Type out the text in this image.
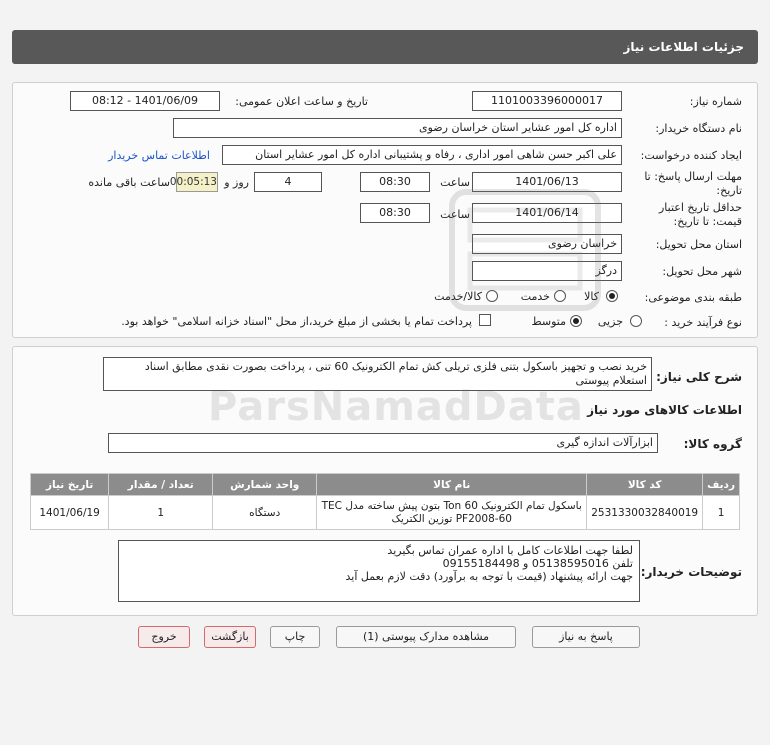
جزئیات اطلاعات نیاز
شماره نیاز:
1101003396000017
تاریخ و ساعت اعلان عمومی:
1401/06/09 - 08:12
نام دستگاه خریدار:
اداره کل امور عشایر استان خراسان رضوی
ایجاد کننده درخواست:
علی اکبر حسن شاهی امور اداری ، رفاه و پشتیبانی اداره کل امور عشایر استان
اطلاعات تماس خریدار
مهلت ارسال پاسخ: تا
تاریخ:
1401/06/13
ساعت
08:30
4
روز و
00:05:13
ساعت باقی مانده
حداقل تاریخ اعتبار
قیمت: تا تاریخ:
1401/06/14
ساعت
08:30
استان محل تحویل:
خراسان رضوی
شهر محل تحویل:
درگز
طبقه بندی موضوعی:
کالا
خدمت
کالا/خدمت
نوع فرآیند خرید :
جزیی
متوسط
پرداخت تمام یا بخشی از مبلغ خرید،از محل "اسناد خزانه اسلامی" خواهد بود.
شرح کلی نیاز:
خرید نصب و تجهیز باسکول بتنی فلزی تریلی کش تمام الکترونیک 60 تنی ، پرداخت بصورت نقدی مطابق اسناد
استعلام پیوستی
اطلاعات کالاهای مورد نیاز
گروه کالا:
ابزارآلات اندازه گیری
ردیف	کد کالا	نام کالا	واحد شمارش	تعداد / مقدار	تاریخ نیاز
1	2531330032840019	باسکول تمام الکترونیک Ton 60 بتون پیش ساخته مدل TEC
PF2008-60 توزین الکتریک	دستگاه	1	1401/06/19
توضیحات خریدار:
لطفا جهت اطلاعات کامل با اداره عمران تماس بگیرید
تلفن 05138595016 و 09155184498
جهت ارائه پیشنهاد (قیمت با توجه به برآورد) دقت لازم بعمل آید
پاسخ به نیاز
مشاهده مدارک پیوستی (1)
چاپ
بازگشت
خروج
